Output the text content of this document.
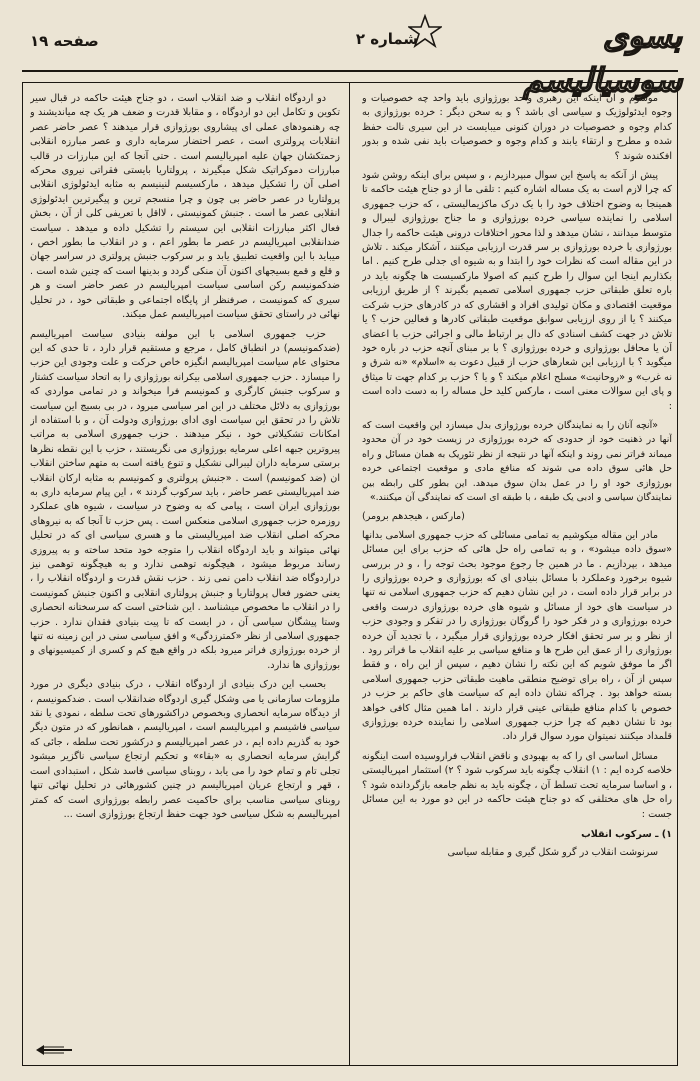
بسوی سوسیالیسم
شماره ۲
صفحه ۱۹

موسوم و آن اینکه این رهبری واحد بورژوازی باید واحد چه خصوصیات و وجوه ایدئولوژیک و سیاسی ای باشد ؟ و به سخن دیگر : خرده بورژوازی به کدام وجوه و خصوصیات در دوران کنونی میبایست در این سیری نالت حفظ شده و مطرح و ارتقاء یابند و کدام وجوه و خصوصیات باید نفی شده و بدور افکنده شوند ؟

پیش از آنکه به پاسخ این سوال مبپردازیم ، و سپس برای اینکه روشن شود که چرا لازم است به یک مساله اشاره کنیم : تلقی ما از دو جناح هیئت حاکمه تا همینجا به وضوح اختلاف خود را با یک درک ماکزیمالیستی ، که حزب جمهوری اسلامی را نماینده سیاسی خرده بورژوازی و ما جناح بورژوازی لیبرال و متوسط میدانند ، نشان میدهد و لذا محور اختلافات درونی هیئت حاکمه را جدال بورژوازی با خرده بورژوازی بر سر قدرت ارزیابی میکنند ، آشکار میکند . تلاش در این مقاله است که نظرات خود را ابتدا و به شیوه ای جدلی طرح کنیم . اما بکذاریم اینجا این سوال را طرح کنیم که اصولا مارکسیست ها چگونه باید در باره تعلق طبقاتی حزب جمهوری اسلامی تصمیم بگیرند ؟ از طریق ارزیابی موقعیت اقتصادی و مکان تولیدی افراد و اقشاری که در کادرهای حزب شرکت میکنند ؟ یا از روی ارزیابی سوابق موقعیت طبقاتی کادرها و فعالین حزب ؟ یا تلاش در جهت کشف اسنادی که دال بر ارتباط مالی و اجرائی حزب با اعضای آن یا محافل بورژوازی و خرده بورژوازی ؟ با بر مبنای آنچه حزب در باره خود میگوید ؟ با ارزیابی این شعارهای حزب از قبیل دعوت به «اسلام» «نه شرق و نه غرب» و «روحانیت» مسلح اعلام میکند ؟ و یا ؟ حزب بر کدام جهت تا میثاق و پای این سوالات معنی است ، مارکس کلید حل مساله را به دست داده است :

«آنچه آنان را به نمایندگان خرده بورژوازی بدل میسازد این واقعیت است که آنها در ذهنیت خود از حدودی که خرده بورژوازی در زیست خود در آن محدود میماند فراتر نمی روند و اینکه آنها در نتیجه از نظر تئوریک به همان مسائل و راه حل هائی سوق داده می شوند که منافع مادی و موقعیت اجتماعی خرده بورژوازی خود او را در عمل بدان سوق میدهد. این بطور کلی رابطه بین نمایندگان سیاسی و ادبی یک طبقه ، با طبقه ای است که نمایندگی آن میکنند.»

(مارکس ، هیجدهم برومر)

مادر این مقاله میکوشیم به تمامی مسائلی که حزب جمهوری اسلامی بدانها «سوق داده میشود» ، و به تمامی راه حل هائی که حزب برای این مسائل میدهد ، بپردازیم . ما در همین جا رجوع موجود بحث توجه را ، و در بررسی شیوه برخورد وعملکرد با مسائل بنیادی ای که بورژوازی و خرده بورژوازی را در برابر قرار داده است ، در این نشان دهیم که حزب جمهوری اسلامی نه تنها در سیاست های خود از مسائل و شیوه های خرده بورژوازی درست واقعی خرده بورژوازی و در فکر خود را گروگان بورژوازی را در تفکر و وجودی حزب از نظر و بر سر تحقق افکار خرده بورژوازی قرار میگیرد ، با تجدید آن خرده بورژوازی را از عمق این طرح ها و منافع سیاسی بر علیه انقلاب ما فراتر رود . اگر ما موفق شویم که این نکته را نشان دهیم ، سپس از این راه ، و فقط سپس از آن ، راه برای توضیح منطقی ماهیت طبقاتی حزب جمهوری اسلامی بسته خواهد بود . چراکه نشان داده ایم که سیاست های حاکم بر حزب در خصوص با کدام منافع طبقاتی عینی قرار دارند . اما همین مثال کافی خواهد بود تا نشان دهیم که چرا حزب جمهوری اسلامی را نماینده خرده بورژوازی قلمداد میکنند نمیتوان مورد سوال قرار داد.

مسائل اساسی ای را که به بهبودی و ناقض انقلاب فراروسیده است اینگونه خلاصه کرده ایم : ۱) انقلاب چگونه باید سرکوب شود ؟ ۲) استثمار امپریالیستی ، و اساسا سرمایه تحت تسلط آن ، چگونه باید به نظم جامعه بازگردانده شود ؟ راه حل های مختلفی که دو جناح هیئت حاکمه در این دو مورد به این مسائل جست :

۱) ـ سرکوب انقلاب

سرنوشت انقلاب در گرو شکل گیری و مقابله سیاسی

دو اردوگاه انقلاب و ضد انقلاب است ، دو جناح هیئت حاکمه در قبال سیر تکوین و تکامل این دو اردوگاه ، و مقابلا قدرت و ضعف هر یک چه میاندیشند و چه رهنمودهای عملی ای پیشاروی بورژوازی قرار میدهند ؟ عصر حاضر عصر انقلابات پرولتری است ، عصر احتضار سرمایه داری و عصر مبارزه انقلابی زحمتکشان جهان علیه امپریالیسم است . حتی آنجا که این مبارزات در قالب مبارزات دموکراتیک شکل میگیرند ، پرولتاریا بایستی فقراتی نیروی محرکه اصلی آن را تشکیل میدهد ، مارکسیسم لنینیسم به مثابه ایدئولوژی انقلابی پرولتاریا در عصر حاضر بی چون و چرا منسجم ترین و پیگیرترین ایدئولوژی انقلابی عصر ما است . جنبش کمونیستی ، لااقل با تعریفی کلی از آن ، بخش فعال اکثر مبارزات انقلابی این سیستم را تشکیل داده و میدهد . سیاست ضدانقلابی امپریالیسم در عصر ما بطور اعم ، و در انقلاب ما بطور اخص ، میباید با این واقعیت تطبیق یابد و بر سرکوب جنبش پرولتری در سراسر جهان و قلع و قمع بسیجهای اکنون آن منکی گردد و بدینها است که چنین شده است . ضدکمونیسم رکن اساسی سیاست امپریالیسم در عصر حاضر است و هر سیری که کمونیست ، صرفنظر از پایگاه اجتماعی و طبقاتی خود ، در تحلیل نهائی در راستای تحقق سیاست امپریالیسم عمل میکند.

حزب جمهوری اسلامی با این مولفه بنیادی سیاست امپریالیسم (ضدکمونیسم) در انطباق کامل ، مرجع و مستقیم قرار دارد ، تا حدی که این محتوای عام سیاست امپریالیسم انگیزه خاص حرکت و علت وجودی این حزب را میسازد . حزب جمهوری اسلامی بیکرانه بورژوازی را به اتحاد سیاست کشتار و سرکوب جنبش کارگری و کمونیسم فرا میخواند و در تمامی مواردی که بورژوازی به دلائل مختلف در این امر سیاسی میرود ، در بی بسیج این سیاست تلاش را در تحقق این سیاست اوی ادای بورژوازی ودولت آن ، و با استفاده از امکانات تشکیلاتی خود ، نیکر میدهند . حزب جمهوری اسلامی به مراتب پیروترین جبهه اعلی سرمایه بورژوازی می نگریستند ، حزب با این نقطه نظرها برستی سرمایه داران لیبرالی نشکیل و تنوع یافته است به متهم ساختن انقلاب ان (ضد کمونیسم) است . «جنبش پرولتری و کمونیسم به مثابه ارکان انقلاب ضد امپریالیستی عصر حاضر ، باید سرکوب گردند » ، این پیام سرمایه داری به بورژوازی ایران است ، پیامی که به وضوح در سیاست ، شیوه های عملکرد روزمره حزب جمهوری اسلامی منعکس است . پس حزب تا آنجا که به نیروهای محرکه اصلی انقلاب ضد امپریالیستی ما و هسری سیاسی ای که در تحلیل نهائی میتواند و باید اردوگاه انقلاب را متوجه خود متحد ساخته و به پیروزی رساند مربوط میشود ، هیچگونه توهمی ندارد و به هیچگونه توهمی نیز دراردوگاه ضد انقلاب دامن نمی زند . حزب نقش قدرت و اردوگاه انقلاب را ، یعنی حضور فعال پرولتاریا و جنبش پرولتاری انقلابی و اکنون جنبش کمونیست را در انقلاب ما مخصوص میشناسد . این شناختی است که سرسختانه انحصاری وستا پیشگان سیاسی آن ، در ایست که تا پیت بنیادی فقدان ندارد . حزب جمهوری اسلامی از نظر «کمترزدگی» و افق سیاسی سنی در این زمینه نه تنها از خرده بورژوازی فراتر میرود بلکه در واقع هیچ کم و کسری از کمیسیونهای و بورژوازی ها ندارد.

بحسب این درک بنیادی از اردوگاه انقلاب ، درک بنیادی دیگری در مورد ملزومات سازمانی یا می وشکل گیری اردوگاه ضدانقلاب است . ضدکمونیسم ، از دیدگاه سرمایه انحصاری وبخصوص دراکشورهای تحت سلطه ، نمودی یا نقد سیاسی فاشیسم و امپریالیسم است ، امپریالیسم ، همانطور که در متون دیگر خود به گذریم داده ایم ، در عصر امپریالیسم و درکشور تحت سلطه ، جائی که گرایش سرمایه انحصاری به «بقاء» و تحکیم ارتجاع سیاسی ناگزیر میشود تجلی تام و تمام خود را می یابد ، روبنای سیاسی فاسد شکل ، استبدادی است ، قهر و ارتجاع عریان امپریالیسم در چنین کشورهائی در تحلیل نهائی تنها روبنای سیاسی مناسب برای حاکمیت عصر رابطه بورژوازی است که کمتر امپریالیسم به شکل سیاسی خود جهت حفظ ارتجاع بورژوازی است ...
